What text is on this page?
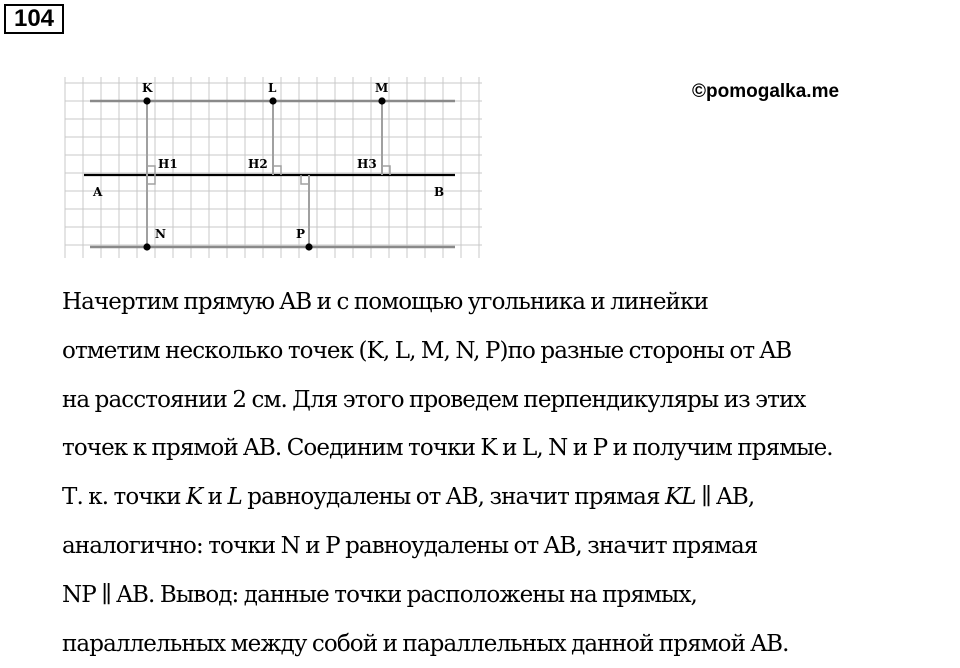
104
©pomogalka.me
K	L	M
H1	H2	H3
A	B
N	P

Начертим прямую AB и с помощью угольника и линейки

отметим несколько точек (K, L, M, N, P)по разные стороны от AB

на расстоянии 2 см. Для этого проведем перпендикуляры из этих

точек к прямой AB. Соединим точки K и L, N и P и получим прямые.

Т. к. точки K и L равноудалены от AB, значит прямая KL ∥ AB,

аналогично: точки N и P равноудалены от AB, значит прямая

NP ∥ AB. Вывод: данные точки расположены на прямых,

параллельных между собой и параллельных данной прямой AB.
